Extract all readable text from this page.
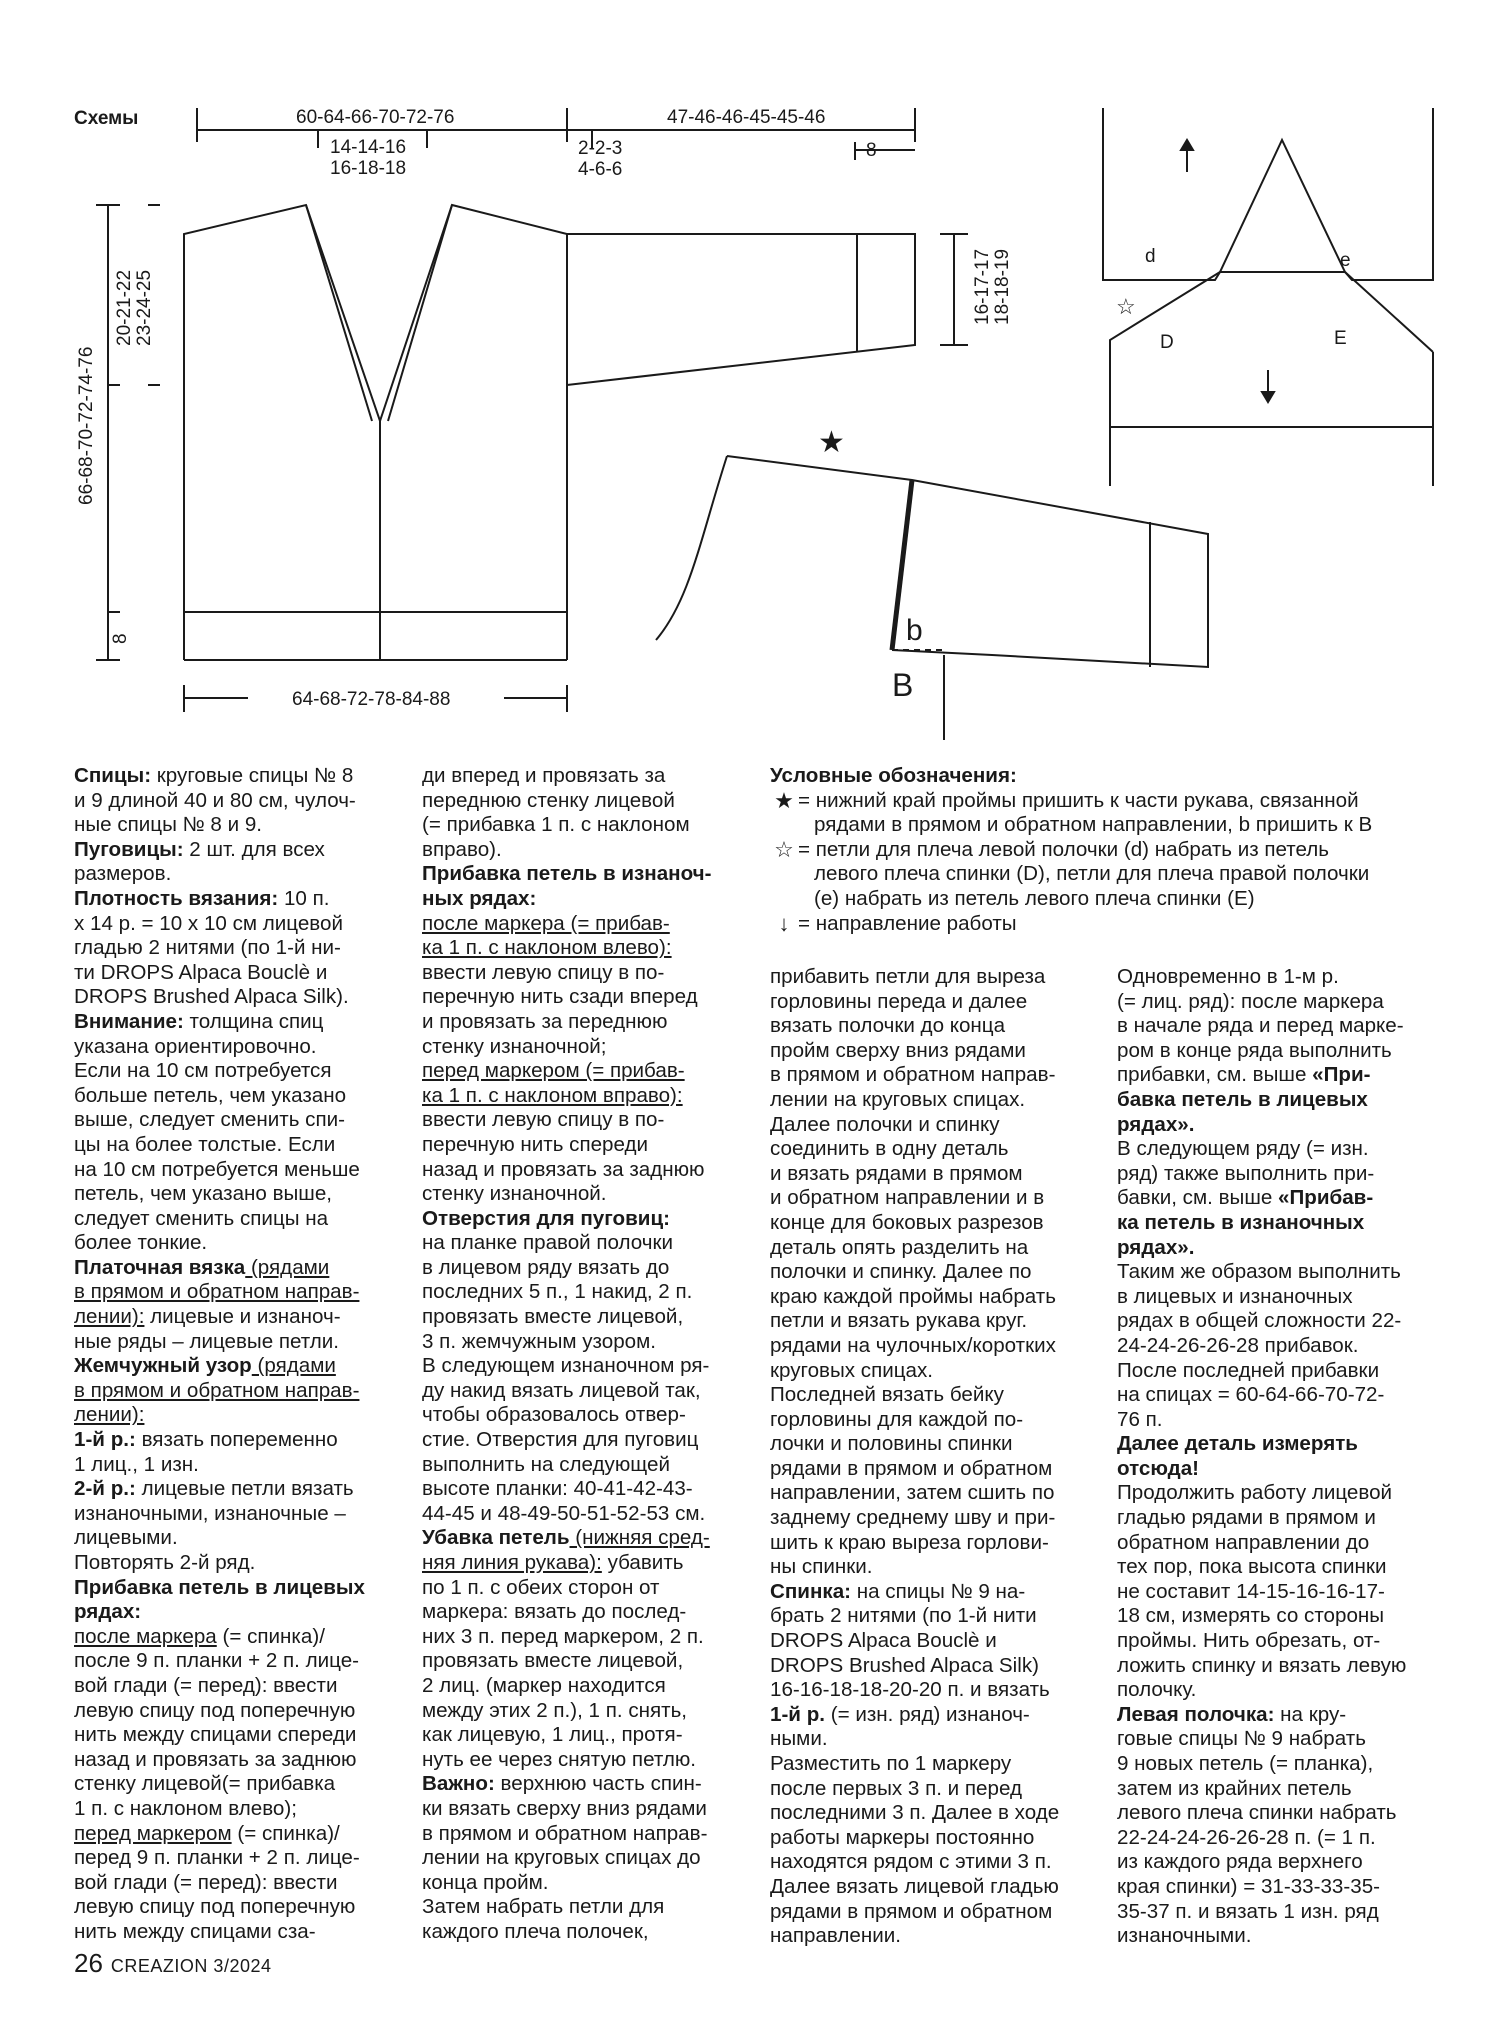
★
☆
Схемы	60-64-66-70-72-76
14-14-16
16-18-18
47-46-46-45-45-46
2-2-3
4-6-6
8
16-17-17 18-18-19
20-21-22 23-24-25
66-68-70-72-74-76
8
64-68-72-78-84-88
b
B
d	e
D	E

Спицы: круговые спицы № 8

и 9 длиной 40 и 80 см, чулоч-

ные спицы № 8 и 9.

Пуговицы: 2 шт. для всех

размеров.

Плотность вязания: 10 п.

x 14 р. = 10 x 10 см лицевой

гладью 2 нитями (по 1-й ни-

ти DROPS Alpaca Bouclè и

DROPS Brushed Alpaca Silk).

Внимание: толщина спиц

указана ориентировочно.

Если на 10 см потребуется

больше петель, чем указано

выше, следует сменить спи-

цы на более толстые. Если

на 10 см потребуется меньше

петель, чем указано выше,

следует сменить спицы на

более тонкие.

Платочная вязка (рядами

в прямом и обратном направ-

лении): лицевые и изнаноч-

ные ряды – лицевые петли.

Жемчужный узор (рядами

в прямом и обратном направ-

лении):

1-й р.: вязать попеременно

1 лиц., 1 изн.

2-й р.: лицевые петли вязать

изнаночными, изнаночные –

лицевыми.

Повторять 2-й ряд.

Прибавка петель в лицевых

рядах:

после маркера (= спинка)/

после 9 п. планки + 2 п. лице-

вой глади (= перед): ввести

левую спицу под поперечную

нить между спицами спереди

назад и провязать за заднюю

стенку лицевой(= прибавка

1 п. с наклоном влево);

перед маркером (= спинка)/

перед 9 п. планки + 2 п. лице-

вой глади (= перед): ввести

левую спицу под поперечную

нить между спицами сза-

ди вперед и провязать за

переднюю стенку лицевой

(= прибавка 1 п. с наклоном

вправо).

Прибавка петель в изнаноч-

ных рядах:

после маркера (= прибав-

ка 1 п. с наклоном влево):

ввести левую спицу в по-

перечную нить сзади вперед

и провязать за переднюю

стенку изнаночной;

перед маркером (= прибав-

ка 1 п. с наклоном вправо):

ввести левую спицу в по-

перечную нить спереди

назад и провязать за заднюю

стенку изнаночной.

Отверстия для пуговиц:

на планке правой полочки

в лицевом ряду вязать до

последних 5 п., 1 накид, 2 п.

провязать вместе лицевой,

3 п. жемчужным узором.

В следующем изнаночном ря-

ду накид вязать лицевой так,

чтобы образовалось отвер-

стие. Отверстия для пуговиц

выполнить на следующей

высоте планки: 40-41-42-43-

44-45 и 48-49-50-51-52-53 см.

Убавка петель (нижняя сред-

няя линия рукава): убавить

по 1 п. с обеих сторон от

маркера: вязать до послед-

них 3 п. перед маркером, 2 п.

провязать вместе лицевой,

2 лиц. (маркер находится

между этих 2 п.), 1 п. снять,

как лицевую, 1 лиц., протя-

нуть ее через снятую петлю.

Важно: верхнюю часть спин-

ки вязать сверху вниз рядами

в прямом и обратном направ-

лении на круговых спицах до

конца пройм.

Затем набрать петли для

каждого плеча полочек,

Условные обозначения:

★ = нижний край проймы пришить к части рукава, связанной

рядами в прямом и обратном направлении, b пришить к B

☆ = петли для плеча левой полочки (d) набрать из петель

левого плеча спинки (D), петли для плеча правой полочки

(e) набрать из петель левого плеча спинки (E)

↓ = направление работы

прибавить петли для выреза

горловины переда и далее

вязать полочки до конца

пройм сверху вниз рядами

в прямом и обратном направ-

лении на круговых спицах.

Далее полочки и спинку

соединить в одну деталь

и вязать рядами в прямом

и обратном направлении и в

конце для боковых разрезов

деталь опять разделить на

полочки и спинку. Далее по

краю каждой проймы набрать

петли и вязать рукава круг.

рядами на чулочных/коротких

круговых спицах.

Последней вязать бейку

горловины для каждой по-

лочки и половины спинки

рядами в прямом и обратном

направлении, затем сшить по

заднему среднему шву и при-

шить к краю выреза горлови-

ны спинки.

Спинка: на спицы № 9 на-

брать 2 нитями (по 1-й нити

DROPS Alpaca Bouclè и

DROPS Brushed Alpaca Silk)

16-16-18-18-20-20 п. и вязать

1-й р. (= изн. ряд) изнаноч-

ными.

Разместить по 1 маркеру

после первых 3 п. и перед

последними 3 п. Далее в ходе

работы маркеры постоянно

находятся рядом с этими 3 п.

Далее вязать лицевой гладью

рядами в прямом и обратном

направлении.

Одновременно в 1-м р.

(= лиц. ряд): после маркера

в начале ряда и перед марке-

ром в конце ряда выполнить

прибавки, см. выше «При-

бавка петель в лицевых

рядах».

В следующем ряду (= изн.

ряд) также выполнить при-

бавки, см. выше «Прибав-

ка петель в изнаночных

рядах».

Таким же образом выполнить

в лицевых и изнаночных

рядах в общей сложности 22-

24-24-26-26-28 прибавок.

После последней прибавки

на спицах = 60-64-66-70-72-

76 п.

Далее деталь измерять

отсюда!

Продолжить работу лицевой

гладью рядами в прямом и

обратном направлении до

тех пор, пока высота спинки

не составит 14-15-16-16-17-

18 см, измерять со стороны

проймы. Нить обрезать, от-

ложить спинку и вязать левую

полочку.

Левая полочка: на кру-

говые спицы № 9 набрать

9 новых петель (= планка),

затем из крайних петель

левого плеча спинки набрать

22-24-24-26-26-28 п. (= 1 п.

из каждого ряда верхнего

края спинки) = 31-33-33-35-

35-37 п. и вязать 1 изн. ряд

изнаночными.

26 CREAZION 3/2024
